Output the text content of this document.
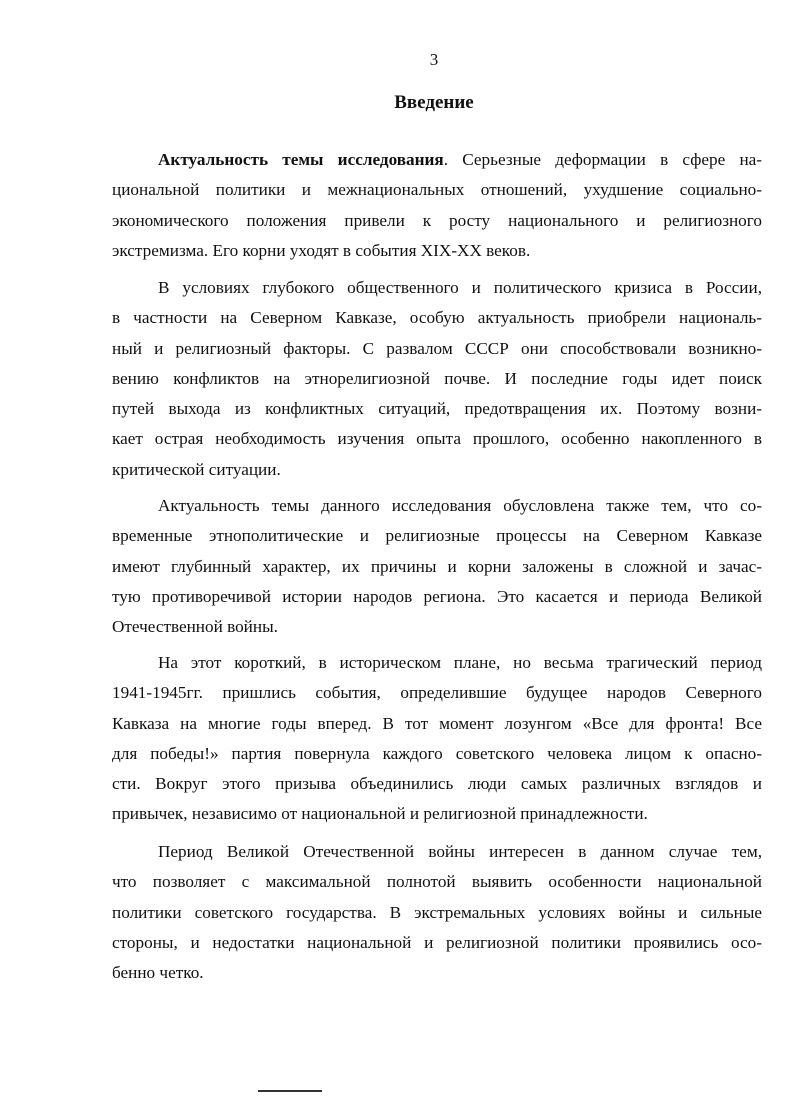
3
Введение
Актуальность темы исследования. Серьезные деформации в сфере на-
циональной политики и межнациональных отношений, ухудшение социально-
экономического положения привели к росту национального и религиозного
экстремизма. Его корни уходят в события XIX-XX веков.
В условиях глубокого общественного и политического кризиса в России,
в частности на Северном Кавказе, особую актуальность приобрели националь-
ный и религиозный факторы. С развалом СССР они способствовали возникно-
вению конфликтов на этнорелигиозной почве. И последние годы идет поиск
путей выхода из конфликтных ситуаций, предотвращения их. Поэтому возни-
кает острая необходимость изучения опыта прошлого, особенно накопленного в
критической ситуации.
Актуальность темы данного исследования обусловлена также тем, что со-
временные этнополитические и религиозные процессы на Северном Кавказе
имеют глубинный характер, их причины и корни заложены в сложной и зачас-
тую противоречивой истории народов региона. Это касается и периода Великой
Отечественной войны.
На этот короткий, в историческом плане, но весьма трагический период
1941-1945гг. пришлись события, определившие будущее народов Северного
Кавказа на многие годы вперед. В тот момент лозунгом «Все для фронта! Все
для победы!» партия повернула каждого советского человека лицом к опасно-
сти. Вокруг этого призыва объединились люди самых различных взглядов и
привычек, независимо от национальной и религиозной принадлежности.
Период Великой Отечественной войны интересен в данном случае тем,
что позволяет с максимальной полнотой выявить особенности национальной
политики советского государства. В экстремальных условиях войны и сильные
стороны, и недостатки национальной и религиозной политики проявились осо-
бенно четко.
